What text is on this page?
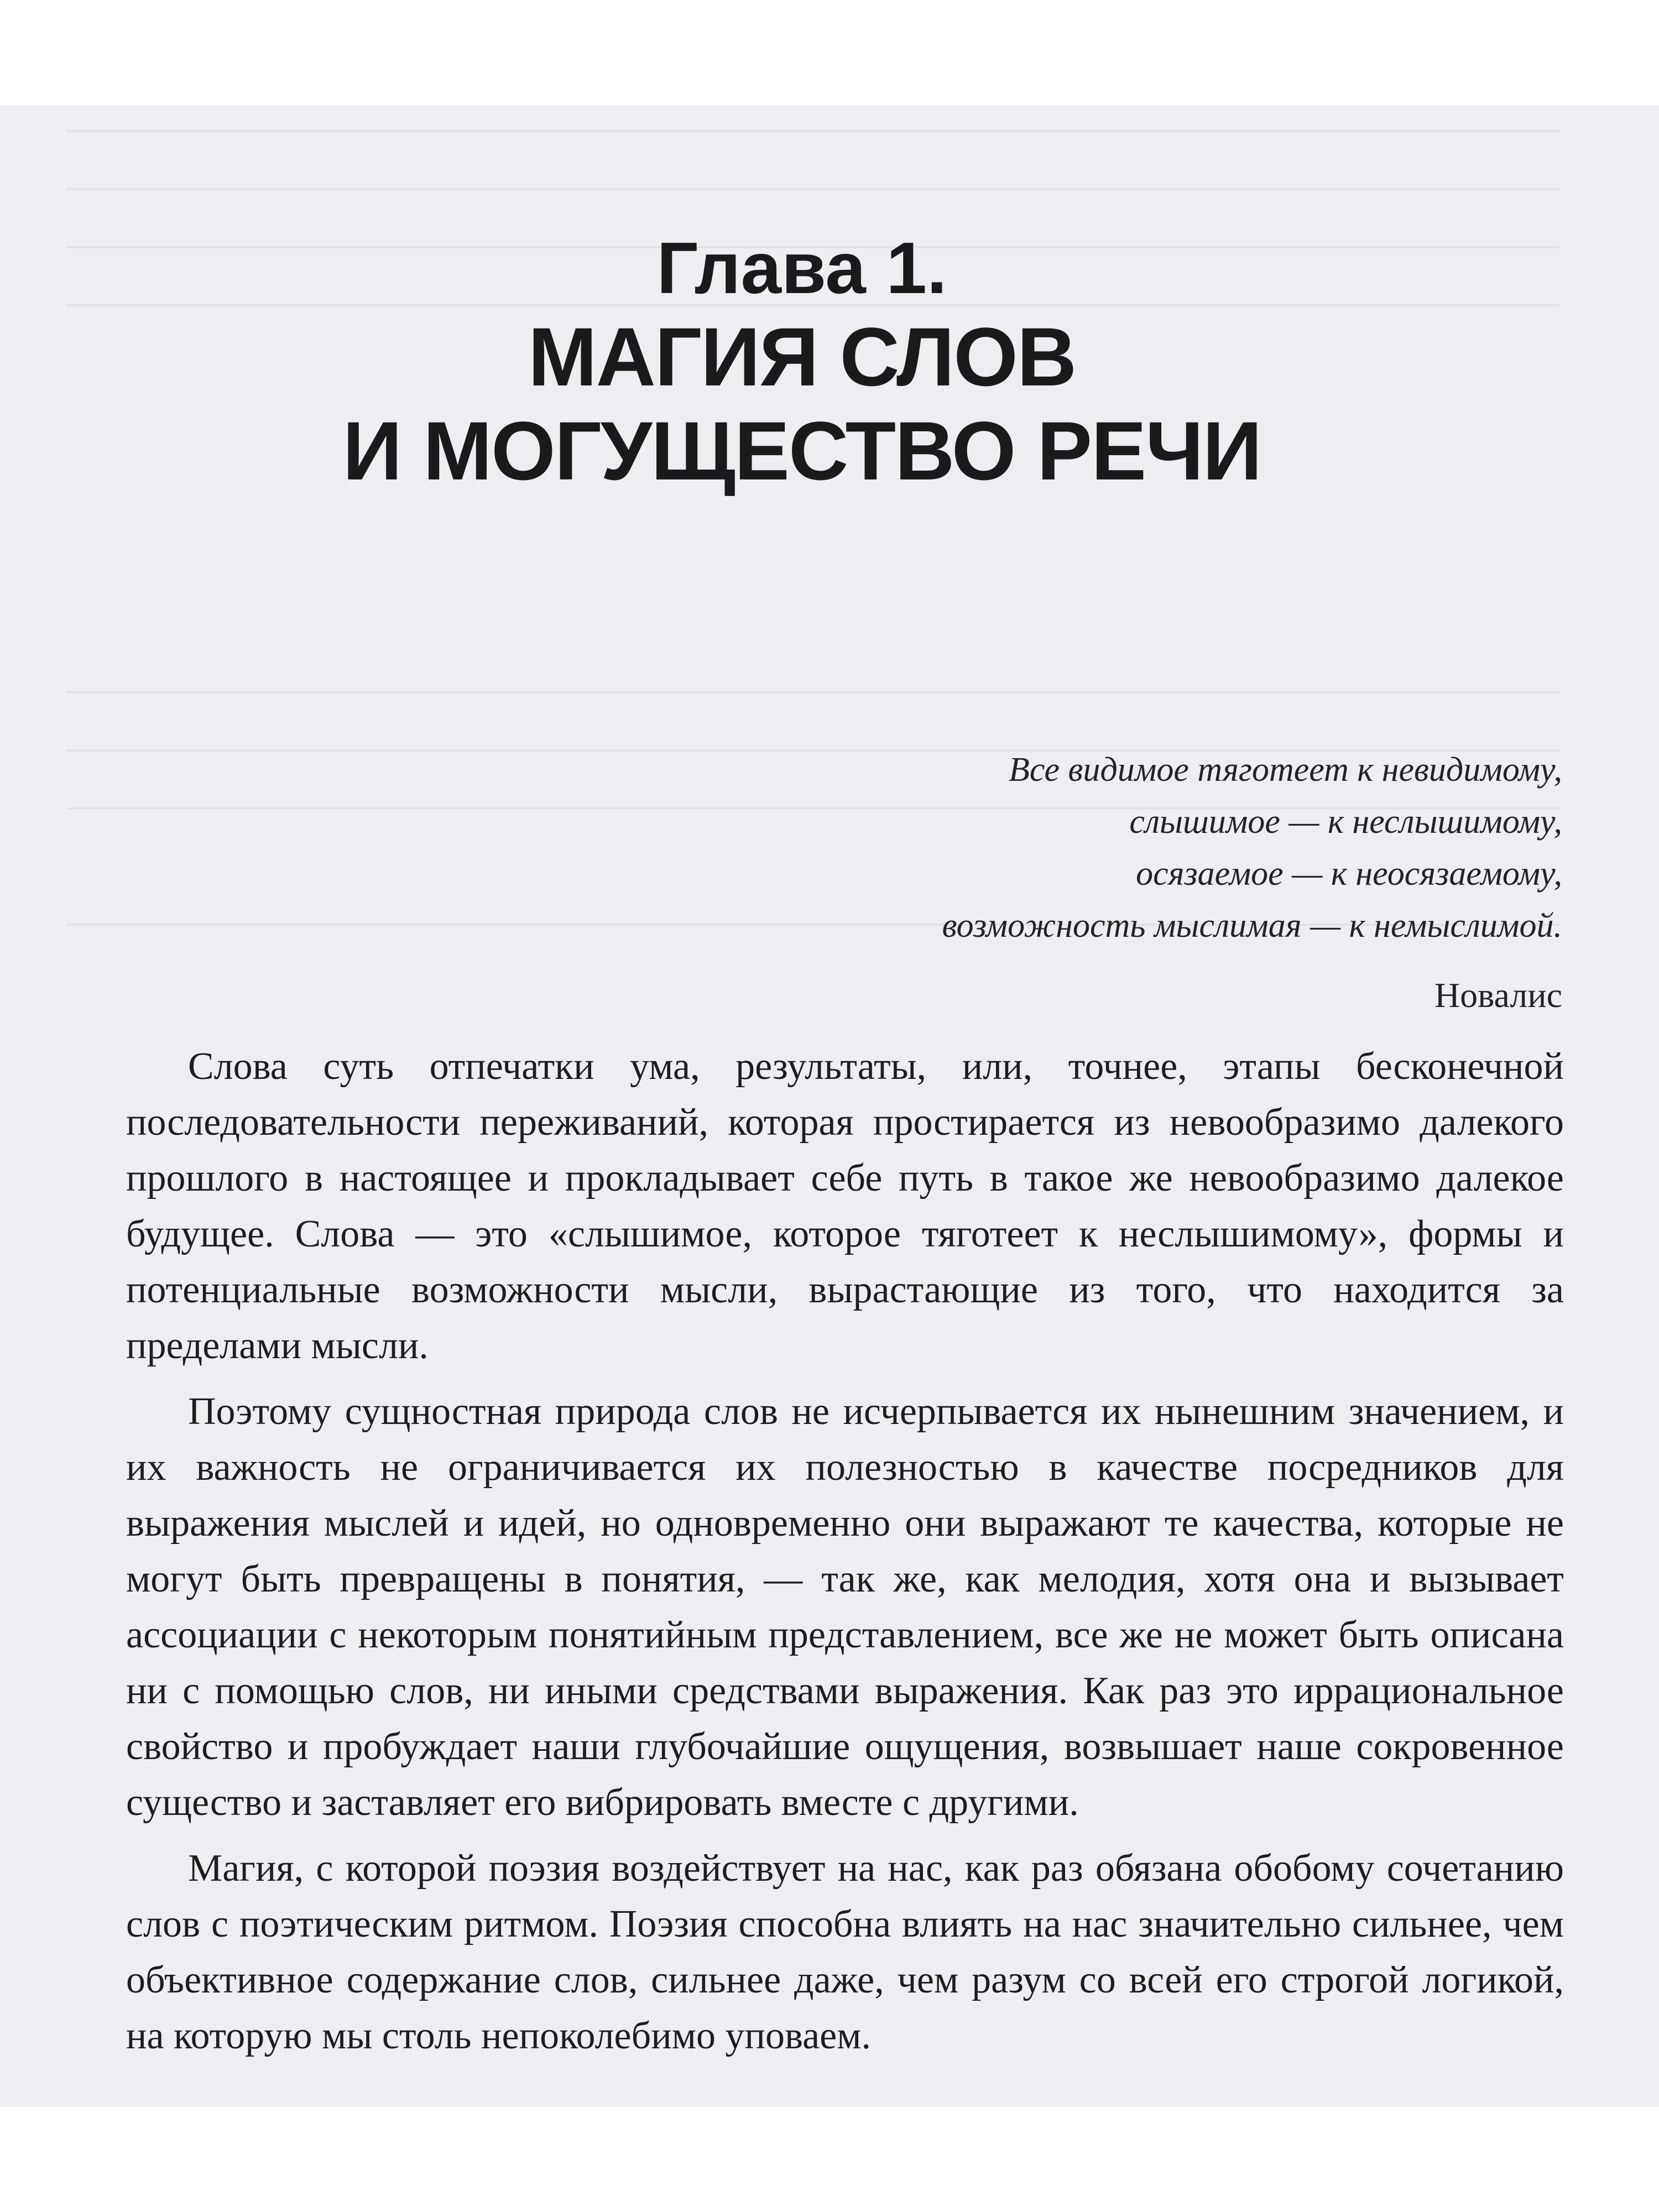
Глава 1.
МАГИЯ СЛОВ
И МОГУЩЕСТВО РЕЧИ
Все видимое тяготеет к невидимому,
слышимое — к неслышимому,
осязаемое — к неосязаемому,
возможность мыслимая — к немыслимой.
Новалис

Слова суть отпечатки ума, результаты, или, точнее, этапы бесконечной последовательности переживаний, которая простирается из невообразимо далекого прошлого в настоящее и прокладывает себе путь в такое же невообразимо далекое будущее. Слова — это «слышимое, которое тяготеет к неслышимому», формы и потенциальные возможности мысли, вырастающие из того, что находится за пределами мысли.

Поэтому сущностная природа слов не исчерпывается их нынешним значением, и их важность не ограничивается их полезностью в качестве посредников для выражения мыслей и идей, но одновременно они выражают те качества, которые не могут быть превращены в понятия, — так же, как мелодия, хотя она и вызывает ассоциации с некоторым понятийным представлением, все же не может быть описана ни с помощью слов, ни иными средствами выражения. Как раз это иррациональное свойство и пробуждает наши глубочайшие ощущения, возвышает наше сокровенное существо и заставляет его вибрировать вместе с другими.

Магия, с которой поэзия воздействует на нас, как раз обязана обобому сочетанию слов с поэтическим ритмом. Поэзия способна влиять на нас значительно сильнее, чем объективное содержание слов, сильнее даже, чем разум со всей его строгой логикой, на которую мы столь непоколебимо уповаем.
